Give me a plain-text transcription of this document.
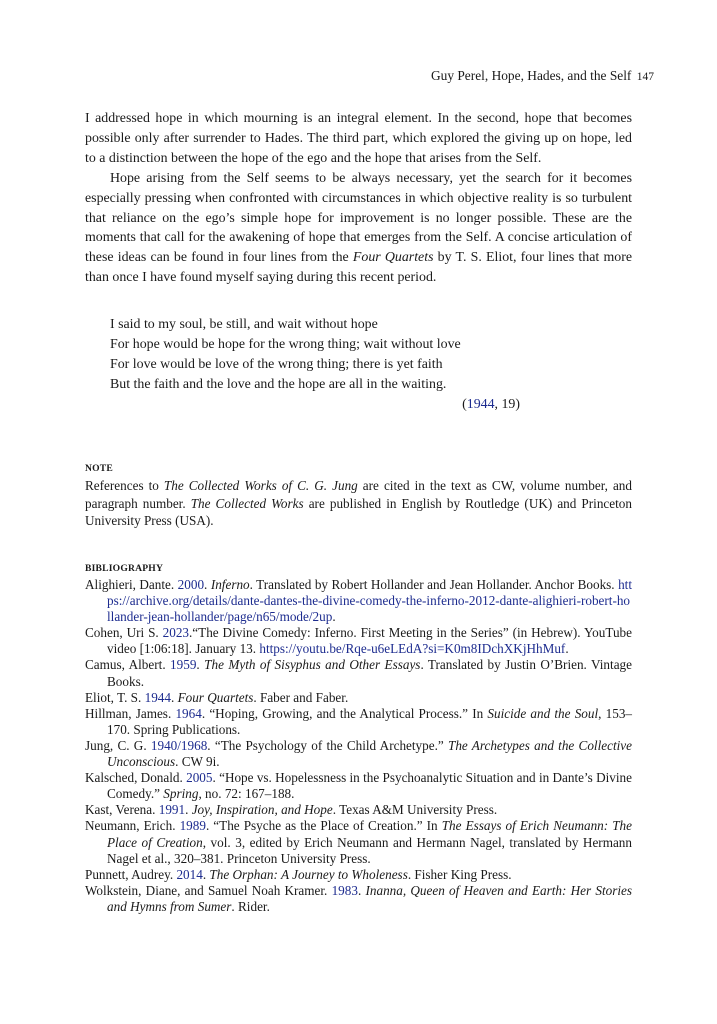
Guy Perel, Hope, Hades, and the Self 147

I addressed hope in which mourning is an integral element. In the second, hope that becomes possible only after surrender to Hades. The third part, which explored the giving up on hope, led to a distinction between the hope of the ego and the hope that arises from the Self.

Hope arising from the Self seems to be always necessary, yet the search for it becomes especially pressing when confronted with circumstances in which objective reality is so turbulent that reliance on the ego’s simple hope for improvement is no longer possible. These are the moments that call for the awakening of hope that emerges from the Self. A concise articulation of these ideas can be found in four lines from the Four Quartets by T. S. Eliot, four lines that more than once I have found myself saying during this recent period.

I said to my soul, be still, and wait without hope
For hope would be hope for the wrong thing; wait without love
For love would be love of the wrong thing; there is yet faith
But the faith and the love and the hope are all in the waiting.
(1944, 19)
NOTE
References to The Collected Works of C. G. Jung are cited in the text as CW, volume number, and paragraph number. The Collected Works are published in English by Routledge (UK) and Princeton University Press (USA).
BIBLIOGRAPHY
Alighieri, Dante. 2000. Inferno. Translated by Robert Hollander and Jean Hollander. Anchor Books. https://archive.org/details/dante-dantes-the-divine-comedy-the-inferno-2012-dante-alighieri-robert-hollander-jean-hollander/page/n65/mode/2up.
Cohen, Uri S. 2023.“The Divine Comedy: Inferno. First Meeting in the Series” (in Hebrew). YouTube video [1:06:18]. January 13. https://youtu.be/Rqe-u6eLEdA?si=K0m8IDchXKjHhMuf.
Camus, Albert. 1959. The Myth of Sisyphus and Other Essays. Translated by Justin O’Brien. Vintage Books.
Eliot, T. S. 1944. Four Quartets. Faber and Faber.
Hillman, James. 1964. “Hoping, Growing, and the Analytical Process.” In Suicide and the Soul, 153–170. Spring Publications.
Jung, C. G. 1940/1968. “The Psychology of the Child Archetype.” The Archetypes and the Collective Unconscious. CW 9i.
Kalsched, Donald. 2005. “Hope vs. Hopelessness in the Psychoanalytic Situation and in Dante’s Divine Comedy.” Spring, no. 72: 167–188.
Kast, Verena. 1991. Joy, Inspiration, and Hope. Texas A&M University Press.
Neumann, Erich. 1989. “The Psyche as the Place of Creation.” In The Essays of Erich Neumann: The Place of Creation, vol. 3, edited by Erich Neumann and Hermann Nagel, translated by Hermann Nagel et al., 320–381. Princeton University Press.
Punnett, Audrey. 2014. The Orphan: A Journey to Wholeness. Fisher King Press.
Wolkstein, Diane, and Samuel Noah Kramer. 1983. Inanna, Queen of Heaven and Earth: Her Stories and Hymns from Sumer. Rider.
